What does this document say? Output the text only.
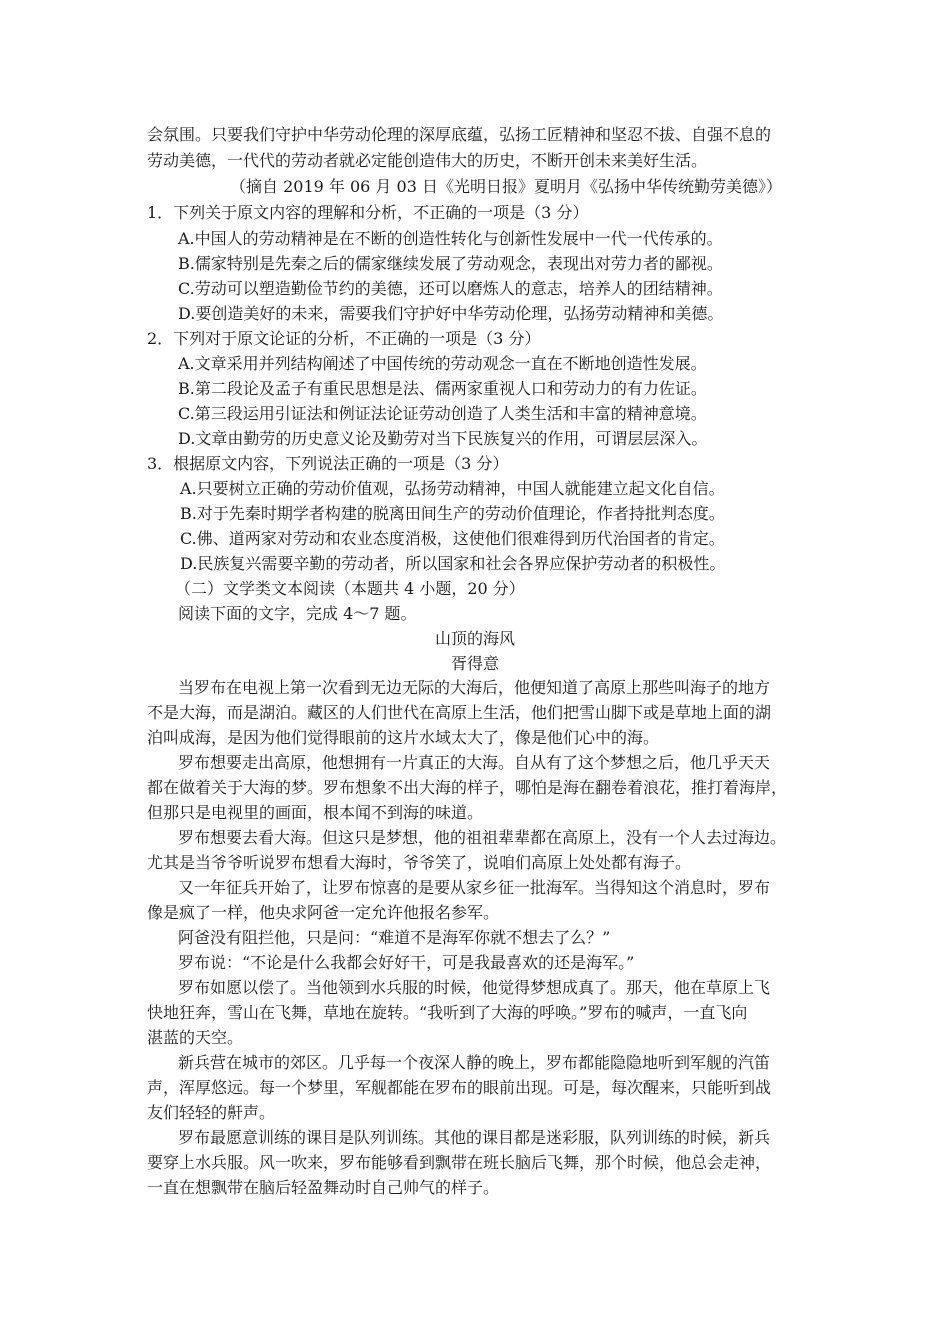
会氛围。只要我们守护中华劳动伦理的深厚底蕴，弘扬工匠精神和坚忍不拔、自强不息的
劳动美德，一代代的劳动者就必定能创造伟大的历史，不断开创未来美好生活。
（摘自 2019 年 06 月 03 日《光明日报》夏明月《弘扬中华传统勤劳美德》）
1．下列关于原文内容的理解和分析，不正确的一项是（3 分）
A.中国人的劳动精神是在不断的创造性转化与创新性发展中一代一代传承的。
B.儒家特别是先秦之后的儒家继续发展了劳动观念，表现出对劳力者的鄙视。
C.劳动可以塑造勤俭节约的美德，还可以磨炼人的意志，培养人的团结精神。
D.要创造美好的未来，需要我们守护好中华劳动伦理，弘扬劳动精神和美德。
2．下列对于原文论证的分析，不正确的一项是（3 分）
A.文章采用并列结构阐述了中国传统的劳动观念一直在不断地创造性发展。
B.第二段论及孟子有重民思想是法、儒两家重视人口和劳动力的有力佐证。
C.第三段运用引证法和例证法论证劳动创造了人类生活和丰富的精神意境。
D.文章由勤劳的历史意义论及勤劳对当下民族复兴的作用，可谓层层深入。
3．根据原文内容，下列说法正确的一项是（3 分）
A.只要树立正确的劳动价值观，弘扬劳动精神，中国人就能建立起文化自信。
B.对于先秦时期学者构建的脱离田间生产的劳动价值理论，作者持批判态度。
C.佛、道两家对劳动和农业态度消极，这使他们很难得到历代治国者的肯定。
D.民族复兴需要辛勤的劳动者，所以国家和社会各界应保护劳动者的积极性。
（二）文学类文本阅读（本题共 4 小题，20 分）
阅读下面的文字，完成 4～7 题。
山顶的海风
胥得意
当罗布在电视上第一次看到无边无际的大海后，他便知道了高原上那些叫海子的地方
不是大海，而是湖泊。藏区的人们世代在高原上生活，他们把雪山脚下或是草地上面的湖
泊叫成海，是因为他们觉得眼前的这片水域太大了，像是他们心中的海。
罗布想要走出高原，他想拥有一片真正的大海。自从有了这个梦想之后，他几乎天天
都在做着关于大海的梦。罗布想象不出大海的样子，哪怕是海在翻卷着浪花，推打着海岸，
但那只是电视里的画面，根本闻不到海的味道。
罗布想要去看大海。但这只是梦想，他的祖祖辈辈都在高原上，没有一个人去过海边。
尤其是当爷爷听说罗布想看大海时，爷爷笑了，说咱们高原上处处都有海子。
又一年征兵开始了，让罗布惊喜的是要从家乡征一批海军。当得知这个消息时，罗布
像是疯了一样，他央求阿爸一定允许他报名参军。
阿爸没有阻拦他，只是问：“难道不是海军你就不想去了么？”
罗布说：“不论是什么我都会好好干，可是我最喜欢的还是海军。”
罗布如愿以偿了。当他领到水兵服的时候，他觉得梦想成真了。那天，他在草原上飞
快地狂奔，雪山在飞舞，草地在旋转。“我听到了大海的呼唤。”罗布的喊声，一直飞向
湛蓝的天空。
新兵营在城市的郊区。几乎每一个夜深人静的晚上，罗布都能隐隐地听到军舰的汽笛
声，浑厚悠远。每一个梦里，军舰都能在罗布的眼前出现。可是，每次醒来，只能听到战
友们轻轻的鼾声。
罗布最愿意训练的课目是队列训练。其他的课目都是迷彩服，队列训练的时候，新兵
要穿上水兵服。风一吹来，罗布能够看到飘带在班长脑后飞舞，那个时候，他总会走神，
一直在想飘带在脑后轻盈舞动时自己帅气的样子。
